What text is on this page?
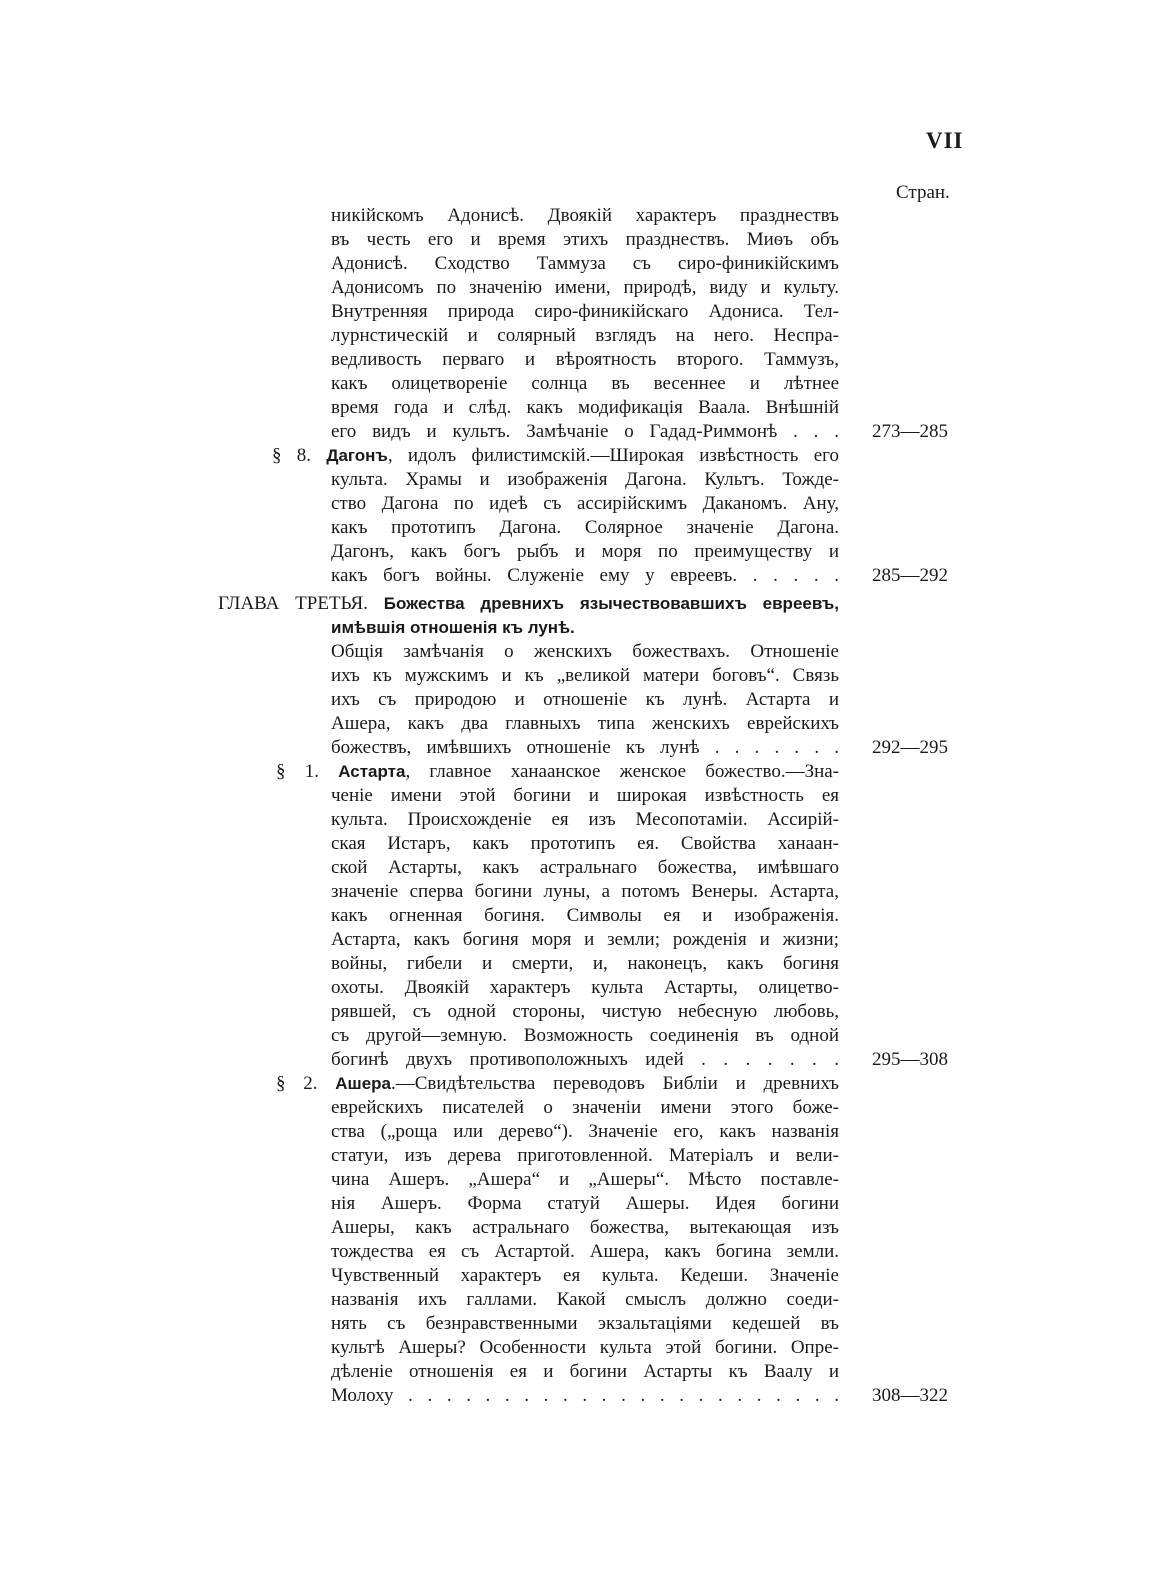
VII
Стран.
никійскомъ Адонисѣ. Двоякій характеръ празднествъ
въ честь его и время этихъ празднествъ. Миѳъ объ
Адонисѣ. Сходство Таммуза съ сиро-финикійскимъ
Адонисомъ по значенію имени, природѣ, виду и культу.
Внутренняя природа сиро-финикійскаго Адониса. Тел-
лурнстическій и солярный взглядъ на него. Неспра-
ведливость перваго и вѣроятность второго. Таммузъ,
какъ олицетвореніе солнца въ весеннее и лѣтнее
время года и слѣд. какъ модификація Ваала. Внѣшній
его видъ и культъ. Замѣчаніе о Гадад-Риммонѣ . . .	273—285
§ 8. Дагонъ, идолъ филистимскій.—Широкая извѣстность его
культа. Храмы и изображенія Дагона. Культъ. Тожде-
ство Дагона по идеѣ съ ассирійскимъ Даканомъ. Ану,
какъ прототипъ Дагона. Солярное значеніе Дагона.
Дагонъ, какъ богъ рыбъ и моря по преимуществу и
какъ богъ войны. Служеніе ему у евреевъ. . . . . .	285—292
ГЛАВА ТРЕТЬЯ. Божества древнихъ язычествовавшихъ евреевъ,
имѣвшія отношенія къ лунѣ.
Общія замѣчанія о женскихъ божествахъ. Отношеніе
ихъ къ мужскимъ и къ „великой матери боговъ“. Связь
ихъ съ природою и отношеніе къ лунѣ. Астарта и
Ашера, какъ два главныхъ типа женскихъ еврейскихъ
божествъ, имѣвшихъ отношеніе къ лунѣ . . . . . . .	292—295
§ 1. Астарта, главное ханаанское женское божество.—Зна-
ченіе имени этой богини и широкая извѣстность ея
культа. Происхожденіе ея изъ Месопотаміи. Ассирій-
ская Истаръ, какъ прототипъ ея. Свойства ханаан-
ской Астарты, какъ астральнаго божества, имѣвшаго
значеніе сперва богини луны, а потомъ Венеры. Астарта,
какъ огненная богиня. Символы ея и изображенія.
Астарта, какъ богиня моря и земли; рожденія и жизни;
войны, гибели и смерти, и, наконецъ, какъ богиня
охоты. Двоякій характеръ культа Астарты, олицетво-
рявшей, съ одной стороны, чистую небесную любовь,
съ другой—земную. Возможность соединенія въ одной
богинѣ двухъ противоположныхъ идей . . . . . . .	295—308
§ 2. Ашера.—Свидѣтельства переводовъ Библіи и древнихъ
еврейскихъ писателей о значеніи имени этого боже-
ства („роща или дерево“). Значеніе его, какъ названія
статуи, изъ дерева приготовленной. Матеріалъ и вели-
чина Ашеръ. „Ашера“ и „Ашеры“. Мѣсто поставле-
нія Ашеръ. Форма статуй Ашеры. Идея богини
Ашеры, какъ астральнаго божества, вытекающая изъ
тождества ея съ Астартой. Ашера, какъ богина земли.
Чувственный характеръ ея культа. Кедеши. Значеніе
названія ихъ галлами. Какой смыслъ должно соеди-
нять съ безнравственными экзальтаціями кедешей въ
культѣ Ашеры? Особенности культа этой богини. Опре-
дѣленіе отношенія ея и богини Астарты къ Ваалу и
Молоху . . . . . . . . . . . . . . . . . . . . . . .	308—322
